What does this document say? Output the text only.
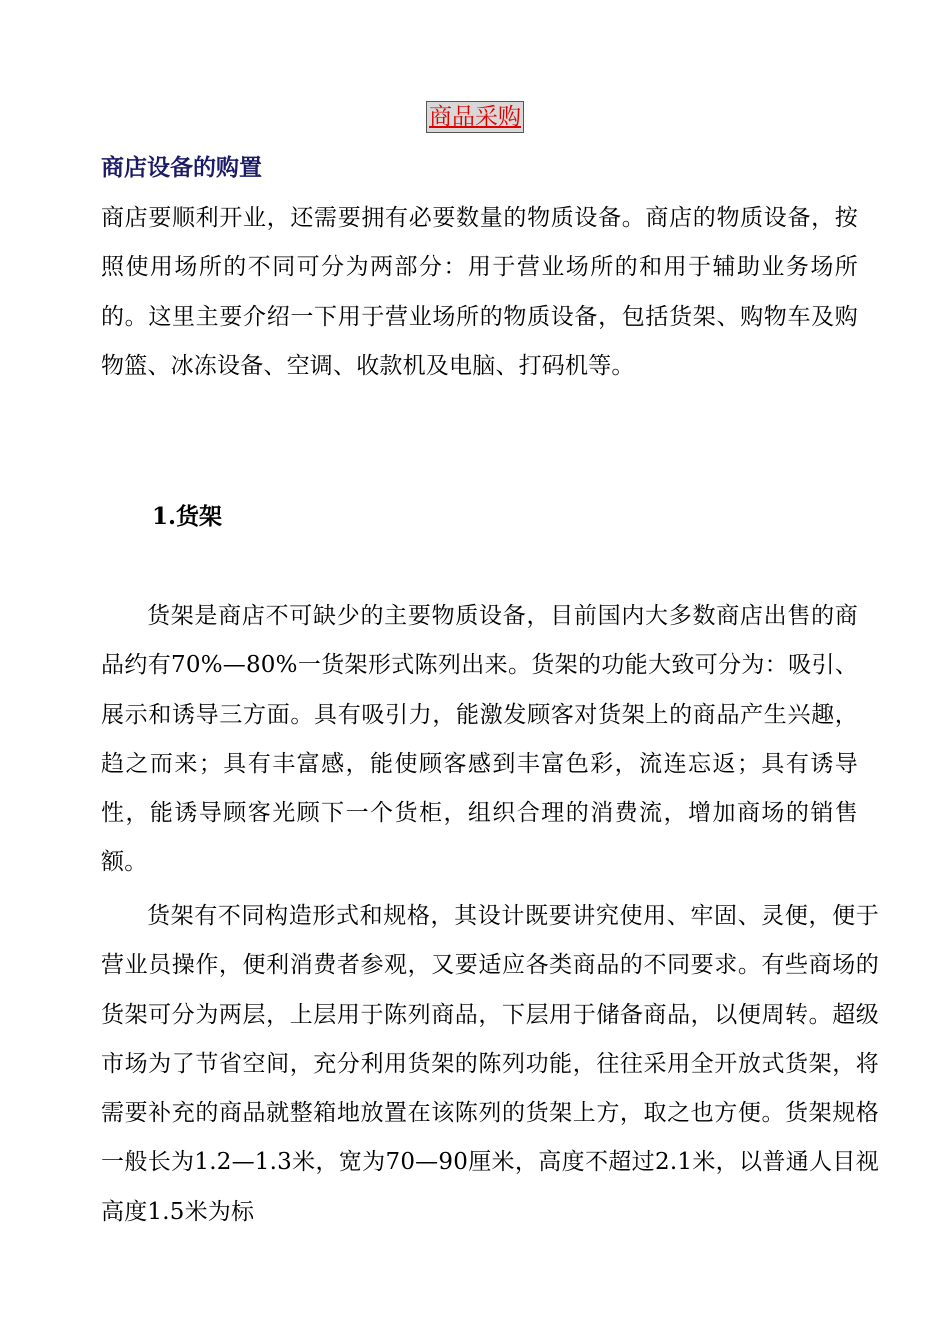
商品采购
商店设备的购置
商店要顺利开业，还需要拥有必要数量的物质设备。商店的物质设备，按照使用场所的不同可分为两部分：用于营业场所的和用于辅助业务场所的。这里主要介绍一下用于营业场所的物质设备，包括货架、购物车及购物篮、冰冻设备、空调、收款机及电脑、打码机等。
1.货架
货架是商店不可缺少的主要物质设备，目前国内大多数商店出售的商品约有70%—80%一货架形式陈列出来。货架的功能大致可分为：吸引、展示和诱导三方面。具有吸引力，能激发顾客对货架上的商品产生兴趣，趋之而来；具有丰富感，能使顾客感到丰富色彩，流连忘返；具有诱导性，能诱导顾客光顾下一个货柜，组织合理的消费流，增加商场的销售额。
货架有不同构造形式和规格，其设计既要讲究使用、牢固、灵便，便于营业员操作，便利消费者参观，又要适应各类商品的不同要求。有些商场的货架可分为两层，上层用于陈列商品，下层用于储备商品，以便周转。超级市场为了节省空间，充分利用货架的陈列功能，往往采用全开放式货架，将需要补充的商品就整箱地放置在该陈列的货架上方，取之也方便。货架规格一般长为1.2—1.3米，宽为70—90厘米，高度不超过2.1米，以普通人目视高度1.5米为标
